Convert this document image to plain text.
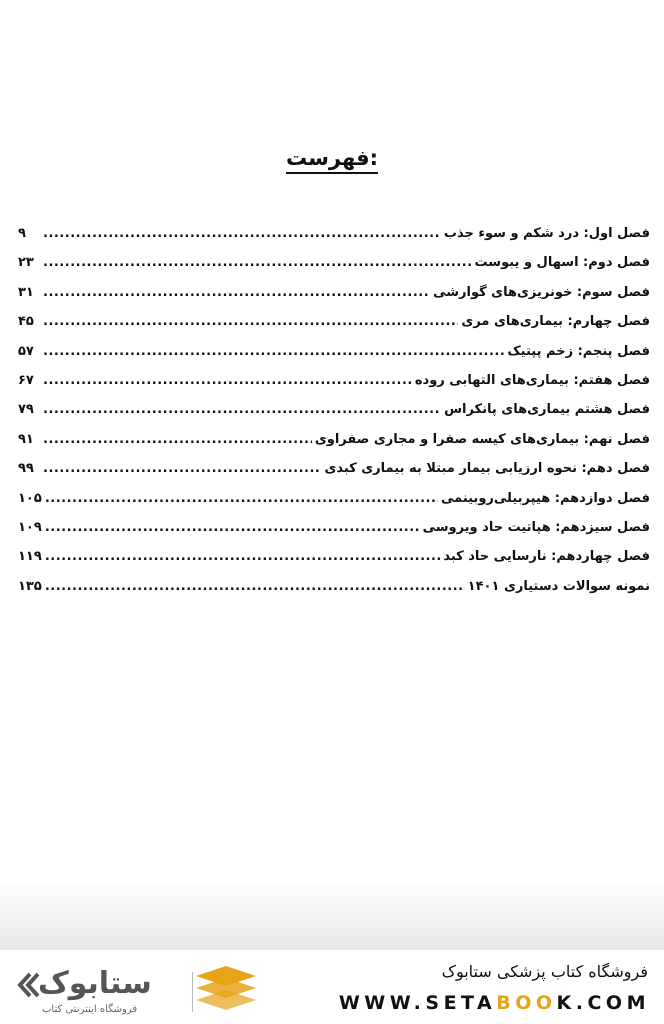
فهرست:
فصل اول: درد شکم و سوء جذب
.....
۹
فصل دوم: اسهال و یبوست
.....
۲۳
فصل سوم: خونریزی‌های گوارشی
.....
۳۱
فصل چهارم: بیماری‌های مری
.....
۴۵
فصل پنجم: زخم پپتیک
.....
۵۷
فصل هفتم: بیماری‌های التهابی روده
.....
۶۷
فصل هشتم بیماری‌های پانکراس
.....
۷۹
فصل نهم: بیماری‌های کیسه صفرا و مجاری صفراوی
.....
۹۱
فصل دهم: نحوه ارزیابی بیمار مبتلا به بیماری کبدی
.....
۹۹
فصل دوازدهم: هیپربیلی‌روبینمی
.....
۱۰۵
فصل سیزدهم: هپاتیت حاد ویروسی
.....
۱۰۹
فصل چهاردهم: نارسایی حاد کبد
.....
۱۱۹
نمونه سوالات دستیاری ۱۴۰۱
.....
۱۳۵
ستابوک
فروشگاه اینترنتی کتاب
فروشگاه کتاب پزشکی ستابوک
WWW.SETABOOK.COM
